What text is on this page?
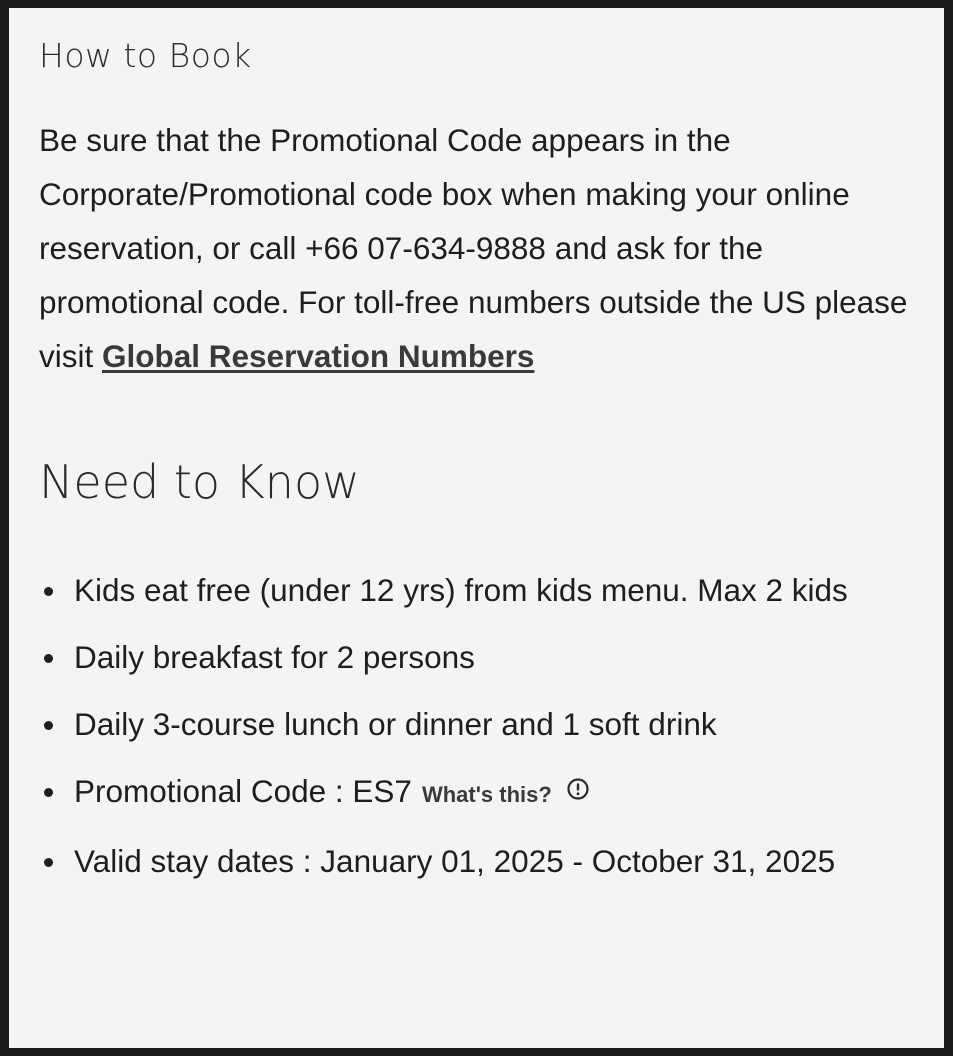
How to Book

Be sure that the Promotional Code appears in the Corporate/Promotional code box when making your online reservation, or call +66 07-634-9888 and ask for the promotional code. For toll-free numbers outside the US please visit Global Reservation Numbers

Need to Know
Kids eat free (under 12 yrs) from kids menu. Max 2 kids
Daily breakfast for 2 persons
Daily 3-course lunch or dinner and 1 soft drink
Promotional Code : ES7 What's this?
Valid stay dates : January 01, 2025 - October 31, 2025
